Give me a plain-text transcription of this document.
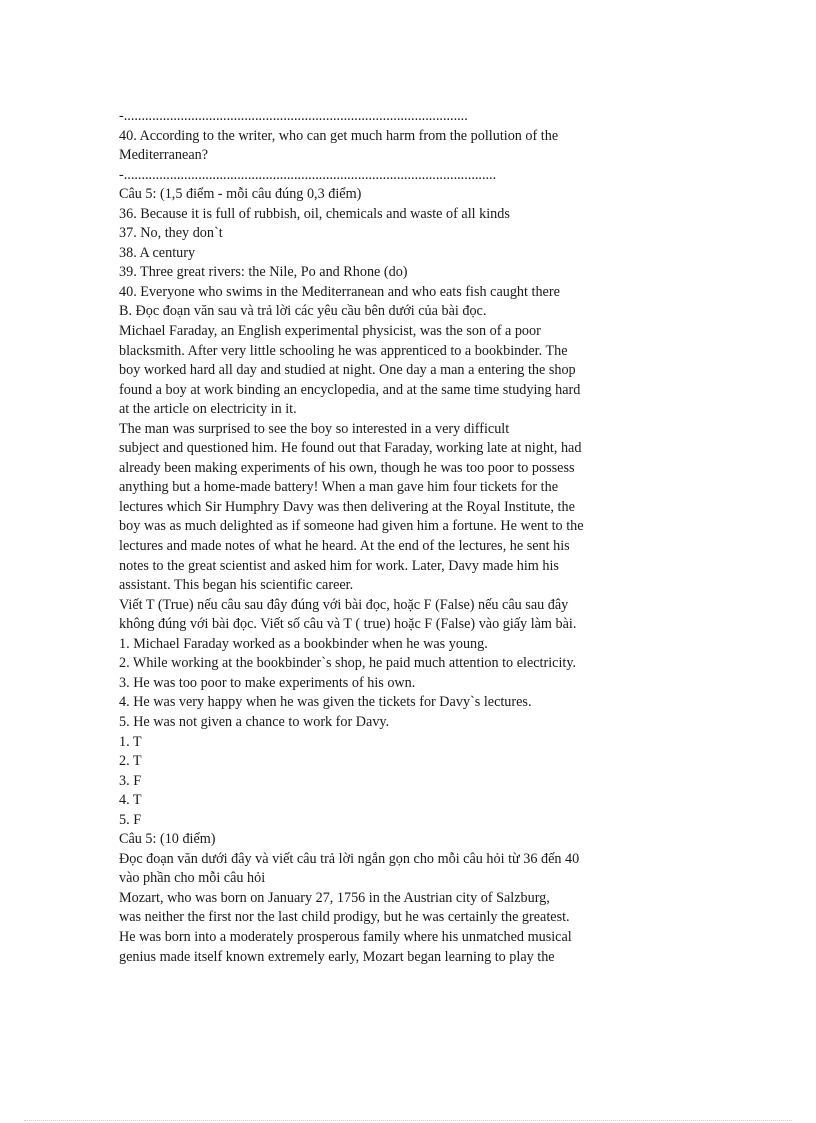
-.................................................................................................
40. According to the writer, who can get much harm from the pollution of the
Mediterranean?
-.........................................................................................................
Câu 5: (1,5 điểm - mỗi câu đúng 0,3 điểm)
36. Because it is full of rubbish, oil, chemicals and waste of all kinds
37. No, they don`t
38. A century
39. Three great rivers: the Nile, Po and Rhone (do)
40. Everyone who swims in the Mediterranean and who eats fish caught there
B. Đọc đoạn văn sau và trả lời các yêu cầu bên dưới của bài đọc.
Michael Faraday, an English experimental physicist, was the son of a poor
blacksmith. After very little schooling he was apprenticed to a bookbinder. The
boy worked hard all day and studied at night. One day a man a entering the shop
found a boy at work binding an encyclopedia, and at the same time studying hard
at the article on electricity in it.
The man was surprised to see the boy so interested in a very difficult
subject and questioned him. He found out that Faraday, working late at night, had
already been making experiments of his own, though he was too poor to possess
anything but a home-made battery! When a man gave him four tickets for the
lectures which Sir Humphry Davy was then delivering at the Royal Institute, the
boy was as much delighted as if someone had given him a fortune. He went to the
lectures and made notes of what he heard. At the end of the lectures, he sent his
notes to the great scientist and asked him for work. Later, Davy made him his
assistant. This began his scientific career.
Viết T (True) nếu câu sau đây đúng với bài đọc, hoặc F (False) nếu câu sau đây
không đúng với bài đọc. Viết số câu và T ( true) hoặc F (False) vào giấy làm bài.
1. Michael Faraday worked as a bookbinder when he was young.
2. While working at the bookbinder`s shop, he paid much attention to electricity.
3. He was too poor to make experiments of his own.
4. He was very happy when he was given the tickets for Davy`s lectures.
5. He was not given a chance to work for Davy.
1. T
2. T
3. F
4. T
5. F
Câu 5: (10 điểm)
Đọc đoạn văn dưới đây và viết câu trả lời ngắn gọn cho mỗi câu hỏi từ 36 đến 40
vào phần cho mỗi câu hỏi
Mozart, who was born on January 27, 1756 in the Austrian city of Salzburg,
was neither the first nor the last child prodigy, but he was certainly the greatest.
He was born into a moderately prosperous family where his unmatched musical
genius made itself known extremely early, Mozart began learning to play the
